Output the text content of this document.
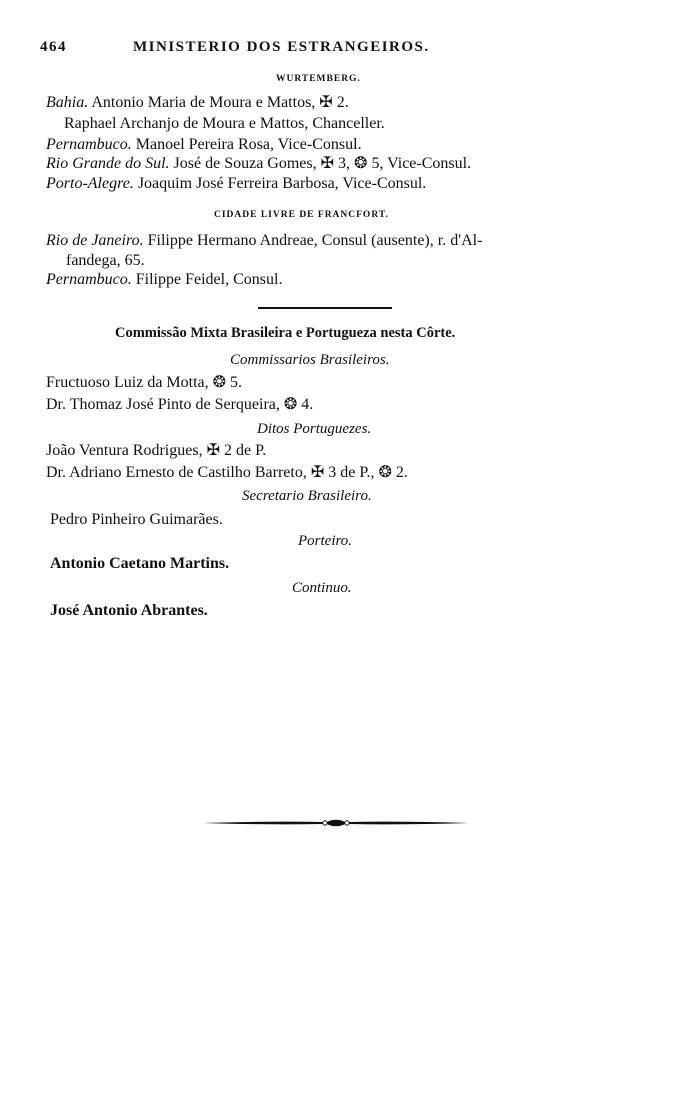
464	MINISTERIO DOS ESTRANGEIROS.
WURTEMBERG.
Bahia. Antonio Maria de Moura e Mattos, ✠ 2.
Raphael Archanjo de Moura e Mattos, Chanceller.
Pernambuco. Manoel Pereira Rosa, Vice-Consul.
Rio Grande do Sul. José de Souza Gomes, ✠ 3, ❂ 5, Vice-Consul.
Porto-Alegre. Joaquim José Ferreira Barbosa, Vice-Consul.
CIDADE LIVRE DE FRANCFORT.
Rio de Janeiro. Filippe Hermano Andreae, Consul (ausente), r. d'Al-
fandega, 65.
Pernambuco. Filippe Feidel, Consul.
Commissão Mixta Brasileira e Portugueza nesta Côrte.
Commissarios Brasileiros.
Fructuoso Luiz da Motta, ❂ 5.
Dr. Thomaz José Pinto de Serqueira, ❂ 4.
Ditos Portuguezes.
João Ventura Rodrigues, ✠ 2 de P.
Dr. Adriano Ernesto de Castilho Barreto, ✠ 3 de P., ❂ 2.
Secretario Brasileiro.
Pedro Pinheiro Guimarães.
Porteiro.
Antonio Caetano Martins.
Continuo.
José Antonio Abrantes.
